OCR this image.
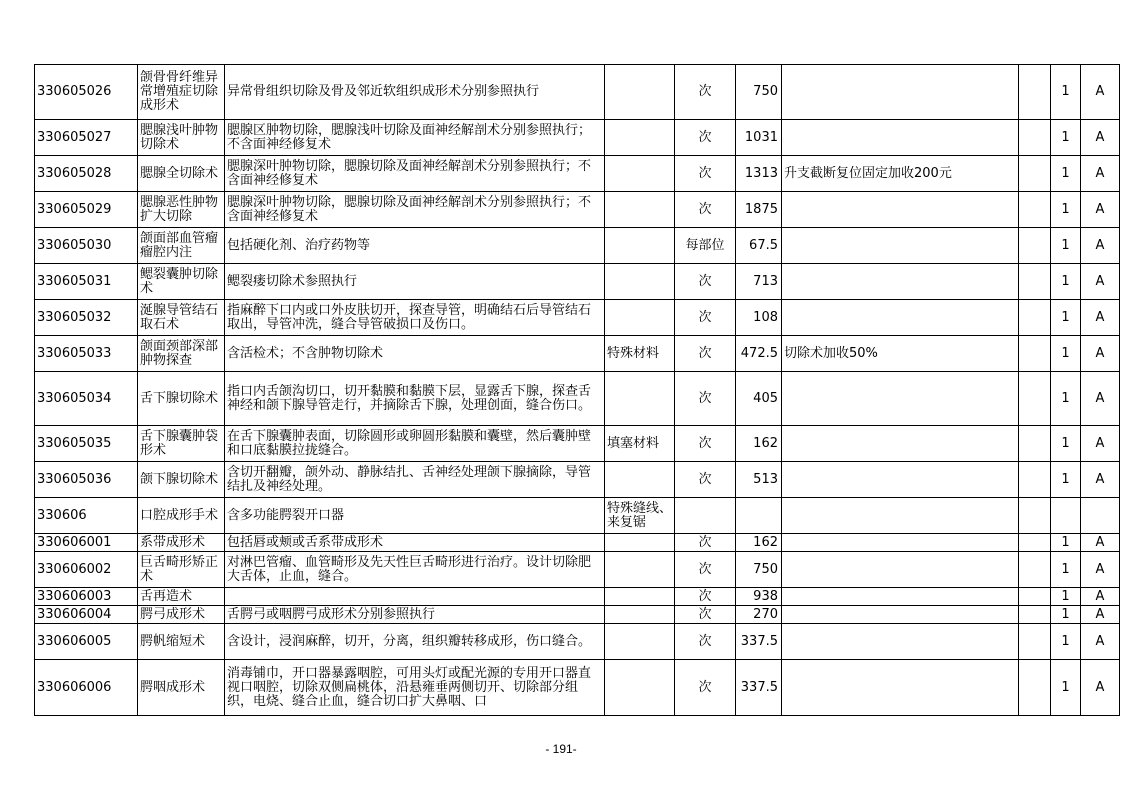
330605026	颌骨骨纤维异常增殖症切除成形术	异常骨组织切除及骨及邻近软组织成形术分别参照执行		次	750			1	A
330605027	腮腺浅叶肿物切除术	腮腺区肿物切除，腮腺浅叶切除及面神经解剖术分别参照执行；不含面神经修复术		次	1031			1	A
330605028	腮腺全切除术	腮腺深叶肿物切除，腮腺切除及面神经解剖术分别参照执行；不含面神经修复术		次	1313	升支截断复位固定加收200元		1	A
330605029	腮腺恶性肿物扩大切除	腮腺深叶肿物切除，腮腺切除及面神经解剖术分别参照执行；不含面神经修复术		次	1875			1	A
330605030	颌面部血管瘤瘤腔内注	包括硬化剂、治疗药物等		每部位	67.5			1	A
330605031	鳃裂囊肿切除术	鳃裂瘘切除术参照执行		次	713			1	A
330605032	涎腺导管结石取石术	指麻醉下口内或口外皮肤切开，探查导管，明确结石后导管结石取出，导管冲洗，缝合导管破损口及伤口。		次	108			1	A
330605033	颌面颈部深部肿物探查	含活检术；不含肿物切除术	特殊材料	次	472.5	切除术加收50%		1	A
330605034	舌下腺切除术	指口内舌颌沟切口，切开黏膜和黏膜下层，显露舌下腺，探查舌神经和颌下腺导管走行，并摘除舌下腺，处理创面，缝合伤口。		次	405			1	A
330605035	舌下腺囊肿袋形术	在舌下腺囊肿表面，切除圆形或卵圆形黏膜和囊壁，然后囊肿壁和口底黏膜拉拢缝合。	填塞材料	次	162			1	A
330605036	颌下腺切除术	含切开翻瓣，颌外动、静脉结扎、舌神经处理颌下腺摘除，导管结扎及神经处理。		次	513			1	A
330606	口腔成形手术	含多功能腭裂开口器	特殊缝线、来复锯						
330606001	系带成形术	包括唇或颊或舌系带成形术		次	162			1	A
330606002	巨舌畸形矫正术	对淋巴管瘤、血管畸形及先天性巨舌畸形进行治疗。设计切除肥大舌体，止血，缝合。		次	750			1	A
330606003	舌再造术			次	938			1	A
330606004	腭弓成形术	舌腭弓或咽腭弓成形术分别参照执行		次	270			1	A
330606005	腭帆缩短术	含设计，浸润麻醉，切开，分离，组织瓣转移成形，伤口缝合。		次	337.5			1	A
330606006	腭咽成形术	消毒铺巾，开口器暴露咽腔，可用头灯或配光源的专用开口器直视口咽腔，切除双侧扁桃体，沿悬雍垂两侧切开、切除部分组织，电烧、缝合止血，缝合切口扩大鼻咽、口		次	337.5			1	A
- 191-
